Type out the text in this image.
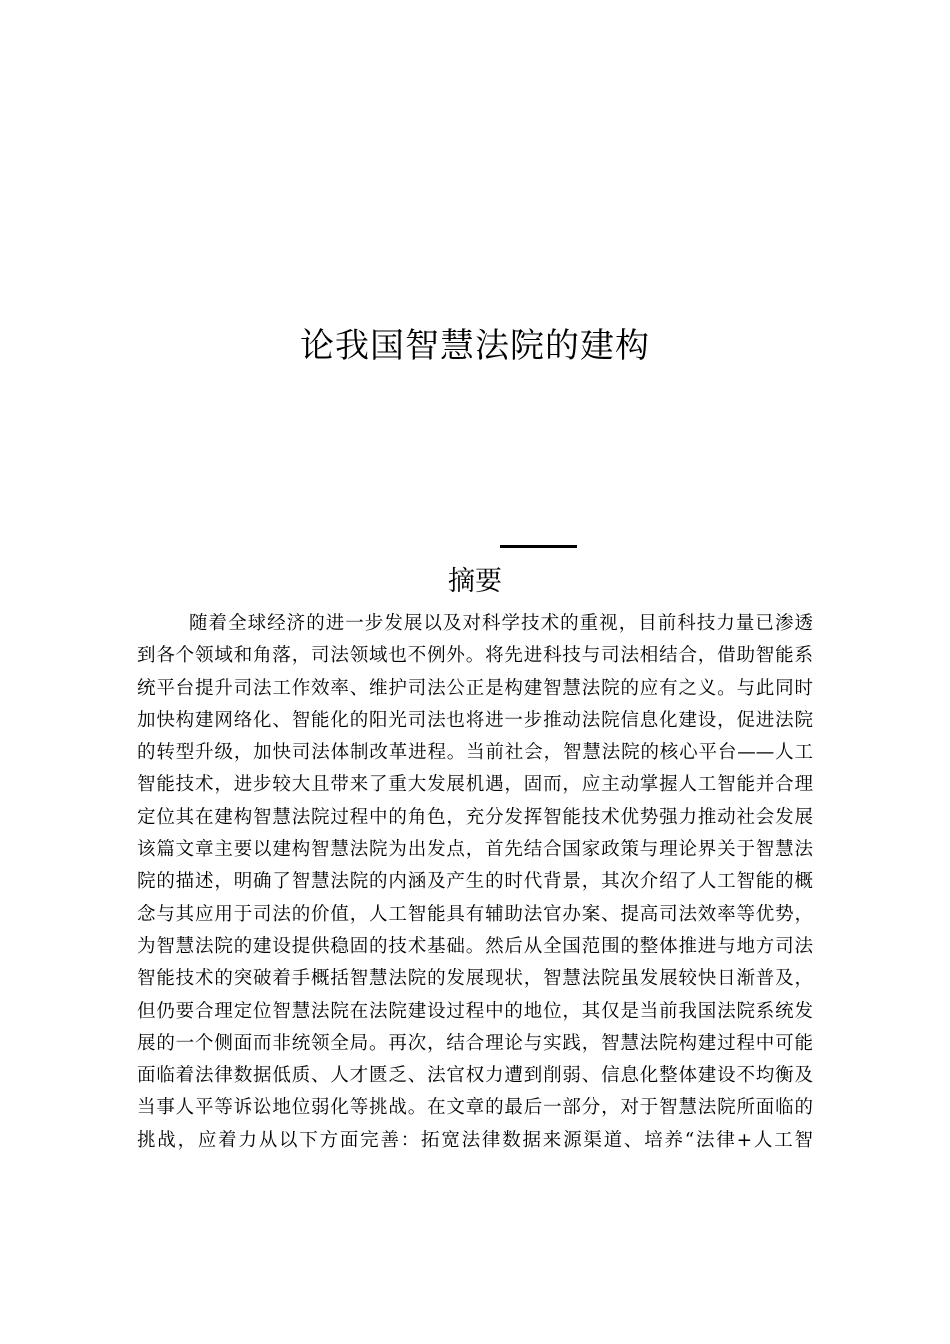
论我国智慧法院的建构
摘要
随着全球经济的进一步发展以及对科学技术的重视，目前科技力量已渗透
到各个领域和角落，司法领域也不例外。将先进科技与司法相结合，借助智能系
统平台提升司法工作效率、维护司法公正是构建智慧法院的应有之义。与此同时
加快构建网络化、智能化的阳光司法也将进一步推动法院信息化建设，促进法院
的转型升级，加快司法体制改革进程。当前社会，智慧法院的核心平台——人工
智能技术，进步较大且带来了重大发展机遇，固而，应主动掌握人工智能并合理
定位其在建构智慧法院过程中的角色，充分发挥智能技术优势强力推动社会发展
该篇文章主要以建构智慧法院为出发点，首先结合国家政策与理论界关于智慧法
院的描述，明确了智慧法院的内涵及产生的时代背景，其次介绍了人工智能的概
念与其应用于司法的价值，人工智能具有辅助法官办案、提高司法效率等优势，
为智慧法院的建设提供稳固的技术基础。然后从全国范围的整体推进与地方司法
智能技术的突破着手概括智慧法院的发展现状，智慧法院虽发展较快日渐普及，
但仍要合理定位智慧法院在法院建设过程中的地位，其仅是当前我国法院系统发
展的一个侧面而非统领全局。再次，结合理论与实践，智慧法院构建过程中可能
面临着法律数据低质、人才匮乏、法官权力遭到削弱、信息化整体建设不均衡及
当事人平等诉讼地位弱化等挑战。在文章的最后一部分，对于智慧法院所面临的
挑战，应着力从以下方面完善：拓宽法律数据来源渠道、培养“法律+人工智
